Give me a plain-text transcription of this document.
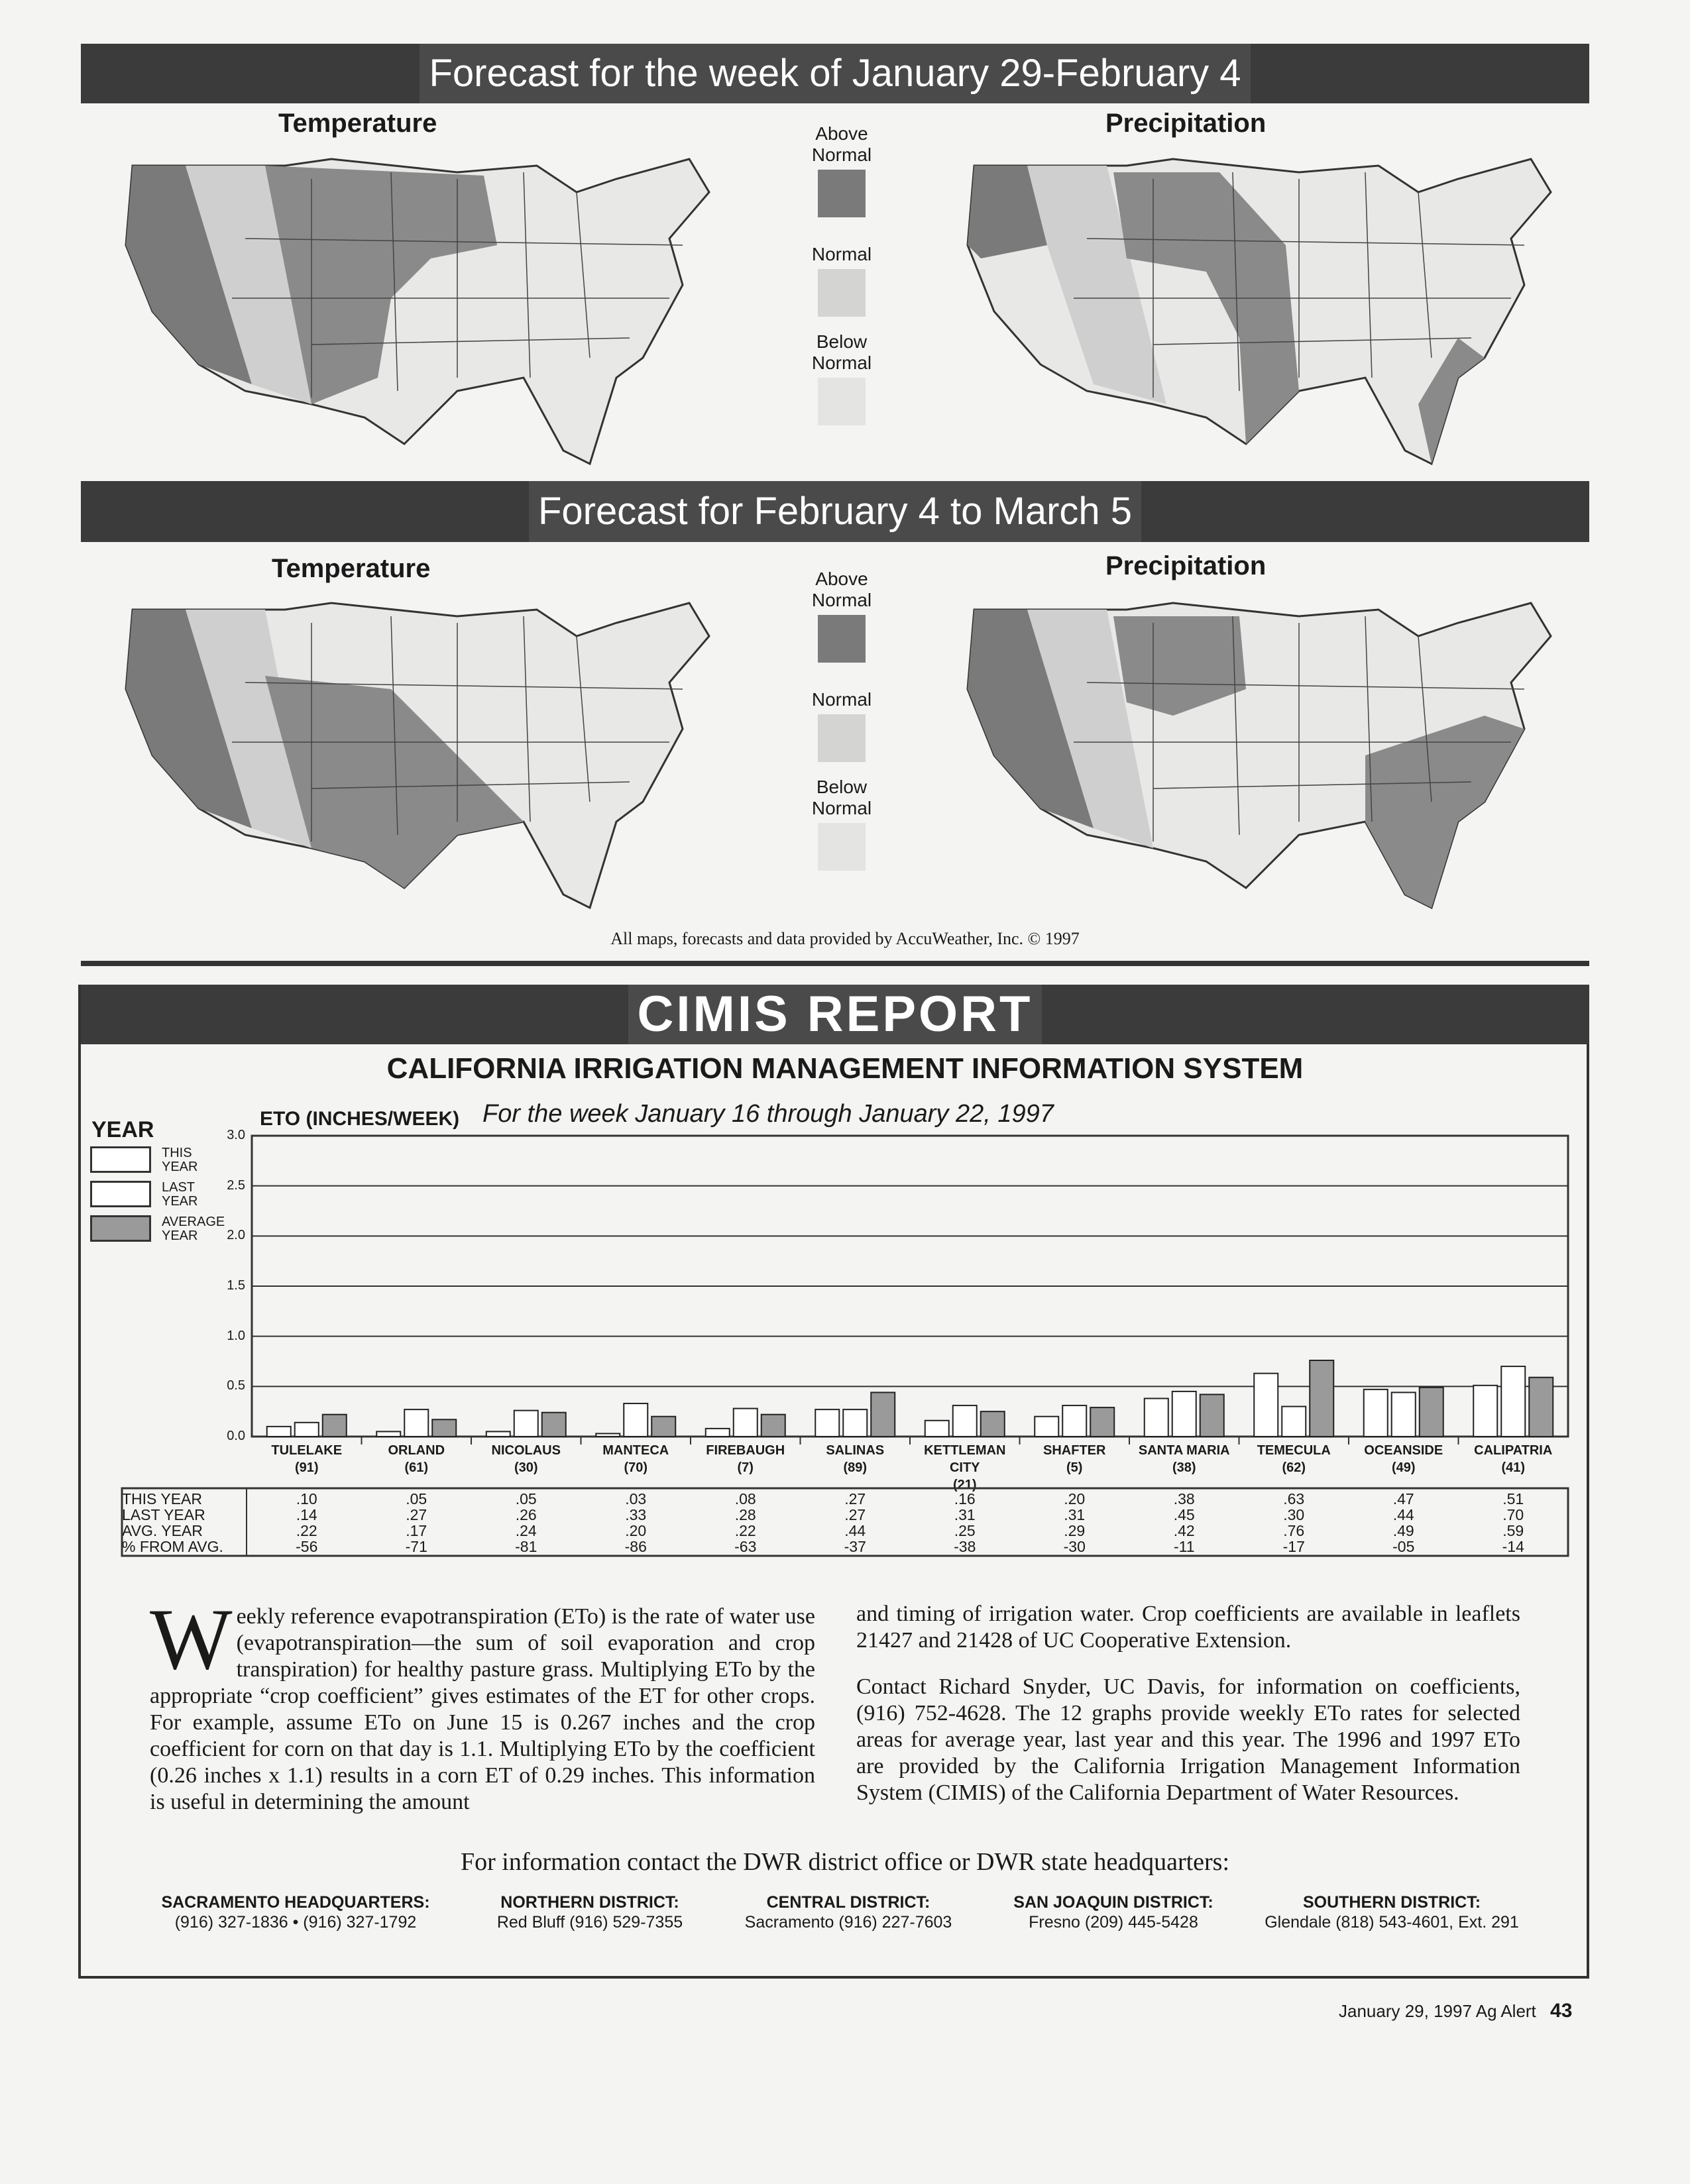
Forecast for the week of January 29-February 4
Temperature	Precipitation
Above Normal
Normal
Below Normal
Forecast for February 4 to March 5
Temperature	Precipitation
Above Normal
Normal
Below Normal
All maps, forecasts and data provided by AccuWeather, Inc. © 1997
CIMIS REPORT
CALIFORNIA IRRIGATION MANAGEMENT INFORMATION SYSTEM
YEAR
THIS YEAR
LAST YEAR
AVERAGE YEAR
ETO (INCHES/WEEK) For the week January 16 through January 22, 1997
0.0
0.5
1.0
1.5
2.0
2.5
3.0
TULELAKE
(91)
ORLAND
(61)
NICOLAUS
(30)
MANTECA
(70)
FIREBAUGH
(7)
SALINAS
(89)
KETTLEMAN CITY
(21)
SHAFTER
(5)
SANTA MARIA
(38)
TEMECULA
(62)
OCEANSIDE
(49)
CALIPATRIA
(41)
THIS YEAR
LAST YEAR
AVG. YEAR
% FROM AVG.
.10
.14
.22
-56
.05
.27
.17
-71
.05
.26
.24
-81
.03
.33
.20
-86
.08
.28
.22
-63
.27
.27
.44
-37
.16
.31
.25
-38
.20
.31
.29
-30
.38
.45
.42
-11
.63
.30
.76
-17
.47
.44
.49
-05
.51
.70
.59
-14
Weekly reference evapotranspiration (ETo) is the rate of water use (evapotranspiration—the sum of soil evaporation and crop transpiration) for healthy pasture grass. Multiplying ETo by the appropriate “crop coefficient” gives estimates of the ET for other crops. For example, assume ETo on June 15 is 0.267 inches and the crop coefficient for corn on that day is 1.1. Multiplying ETo by the coefficient (0.26 inches x 1.1) results in a corn ET of 0.29 inches. This information is useful in determining the amount
and timing of irrigation water. Crop coefficients are available in leaflets 21427 and 21428 of UC Cooperative Extension.
Contact Richard Snyder, UC Davis, for information on coefficients, (916) 752-4628. The 12 graphs provide weekly ETo rates for selected areas for average year, last year and this year. The 1996 and 1997 ETo are provided by the California Irrigation Management Information System (CIMIS) of the California Department of Water Resources.
For information contact the DWR district office or DWR state headquarters:
SACRAMENTO HEADQUARTERS:
(916) 327-1836 • (916) 327-1792
NORTHERN DISTRICT:
Red Bluff (916) 529-7355
CENTRAL DISTRICT:
Sacramento (916) 227-7603
SAN JOAQUIN DISTRICT:
Fresno (209) 445-5428
SOUTHERN DISTRICT:
Glendale (818) 543-4601, Ext. 291
January 29, 1997 Ag Alert 43
